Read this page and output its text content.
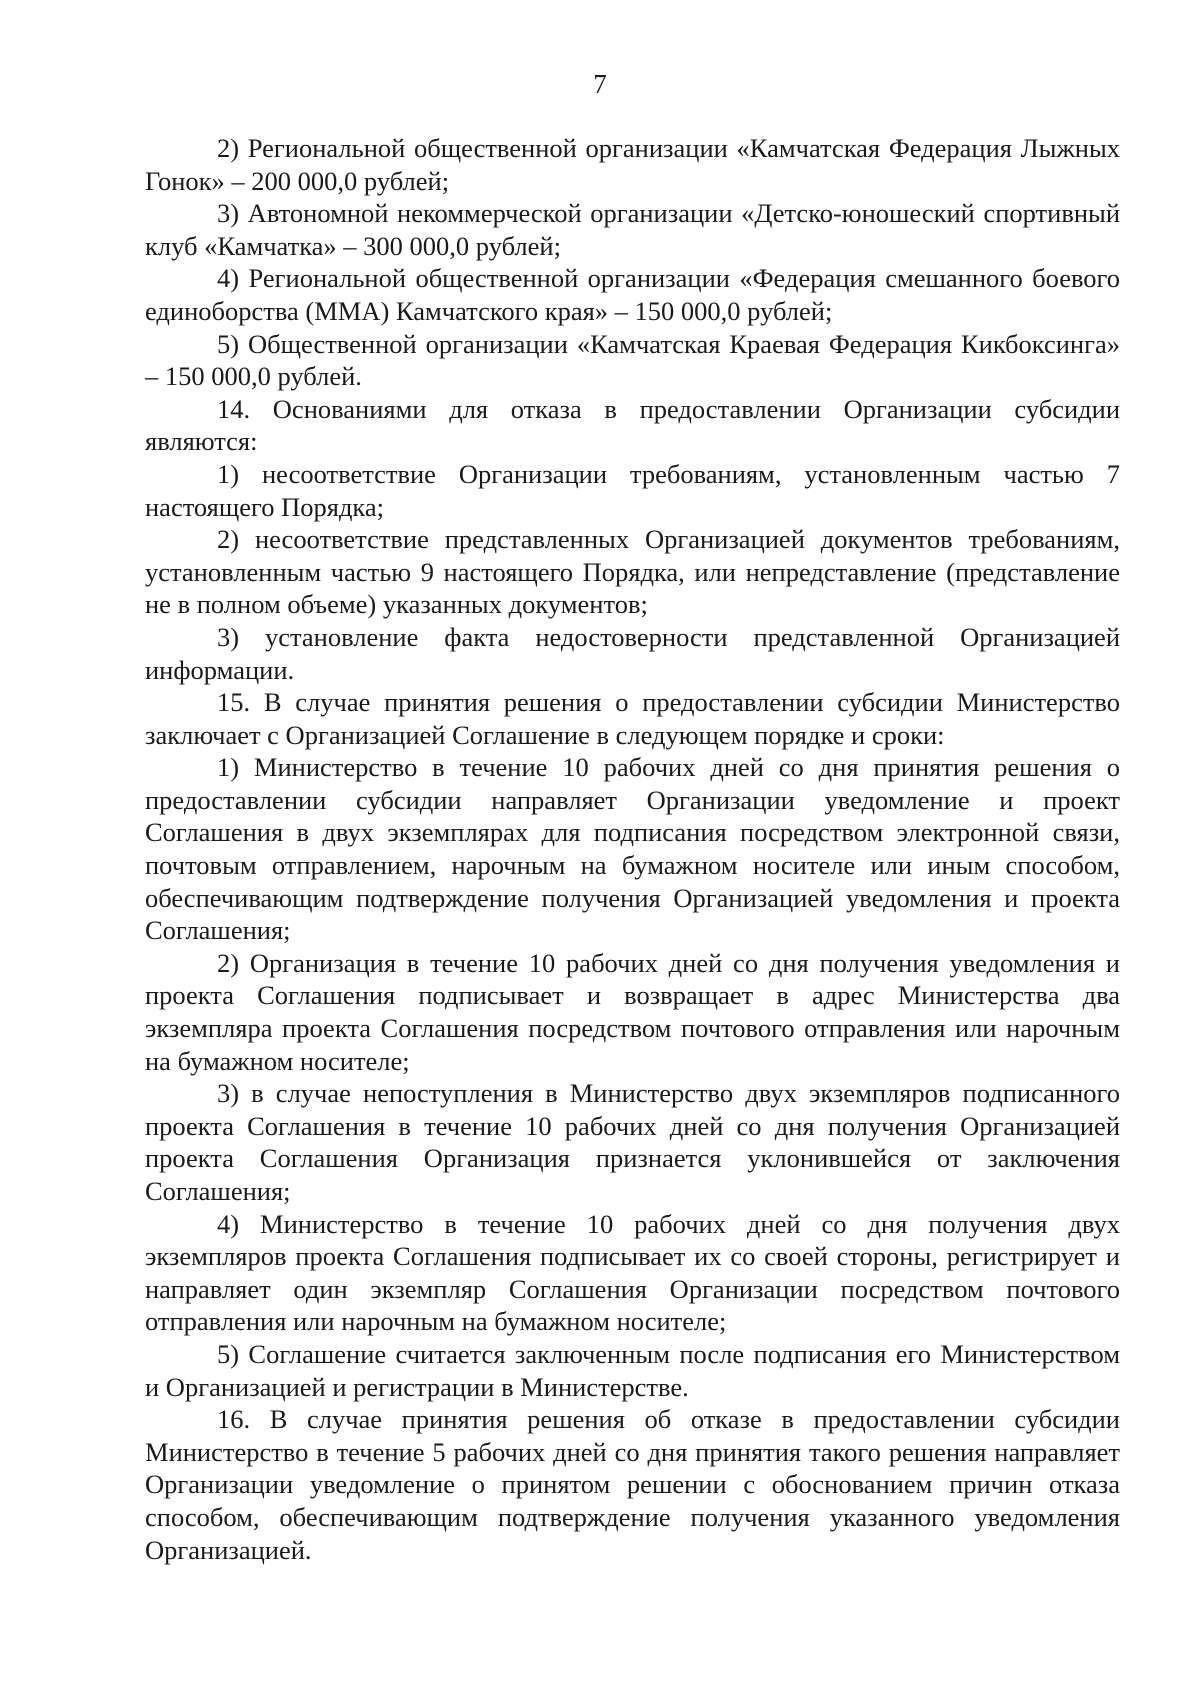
7

2) Региональной общественной организации «Камчатская Федерация Лыжных Гонок» – 200 000,0 рублей;

3) Автономной некоммерческой организации «Детско-юношеский спортивный клуб «Камчатка» – 300 000,0 рублей;

4) Региональной общественной организации «Федерация смешанного боевого единоборства (ММА) Камчатского края» – 150 000,0 рублей;

5) Общественной организации «Камчатская Краевая Федерация Кикбоксинга» – 150 000,0 рублей.

14. Основаниями для отказа в предоставлении Организации субсидии являются:

1) несоответствие Организации требованиям, установленным частью 7 настоящего Порядка;

2) несоответствие представленных Организацией документов требованиям, установленным частью 9 настоящего Порядка, или непредставление (представление не в полном объеме) указанных документов;

3) установление факта недостоверности представленной Организацией информации.

15. В случае принятия решения о предоставлении субсидии Министерство заключает с Организацией Соглашение в следующем порядке и сроки:

1) Министерство в течение 10 рабочих дней со дня принятия решения о предоставлении субсидии направляет Организации уведомление и проект Соглашения в двух экземплярах для подписания посредством электронной связи, почтовым отправлением, нарочным на бумажном носителе или иным способом, обеспечивающим подтверждение получения Организацией уведомления и проекта Соглашения;

2) Организация в течение 10 рабочих дней со дня получения уведомления и проекта Соглашения подписывает и возвращает в адрес Министерства два экземпляра проекта Соглашения посредством почтового отправления или нарочным на бумажном носителе;

3) в случае непоступления в Министерство двух экземпляров подписанного проекта Соглашения в течение 10 рабочих дней со дня получения Организацией проекта Соглашения Организация признается уклонившейся от заключения Соглашения;

4) Министерство в течение 10 рабочих дней со дня получения двух экземпляров проекта Соглашения подписывает их со своей стороны, регистрирует и направляет один экземпляр Соглашения Организации посредством почтового отправления или нарочным на бумажном носителе;

5) Соглашение считается заключенным после подписания его Министерством и Организацией и регистрации в Министерстве.

16. В случае принятия решения об отказе в предоставлении субсидии Министерство в течение 5 рабочих дней со дня принятия такого решения направляет Организации уведомление о принятом решении с обоснованием причин отказа способом, обеспечивающим подтверждение получения указанного уведомления Организацией.
